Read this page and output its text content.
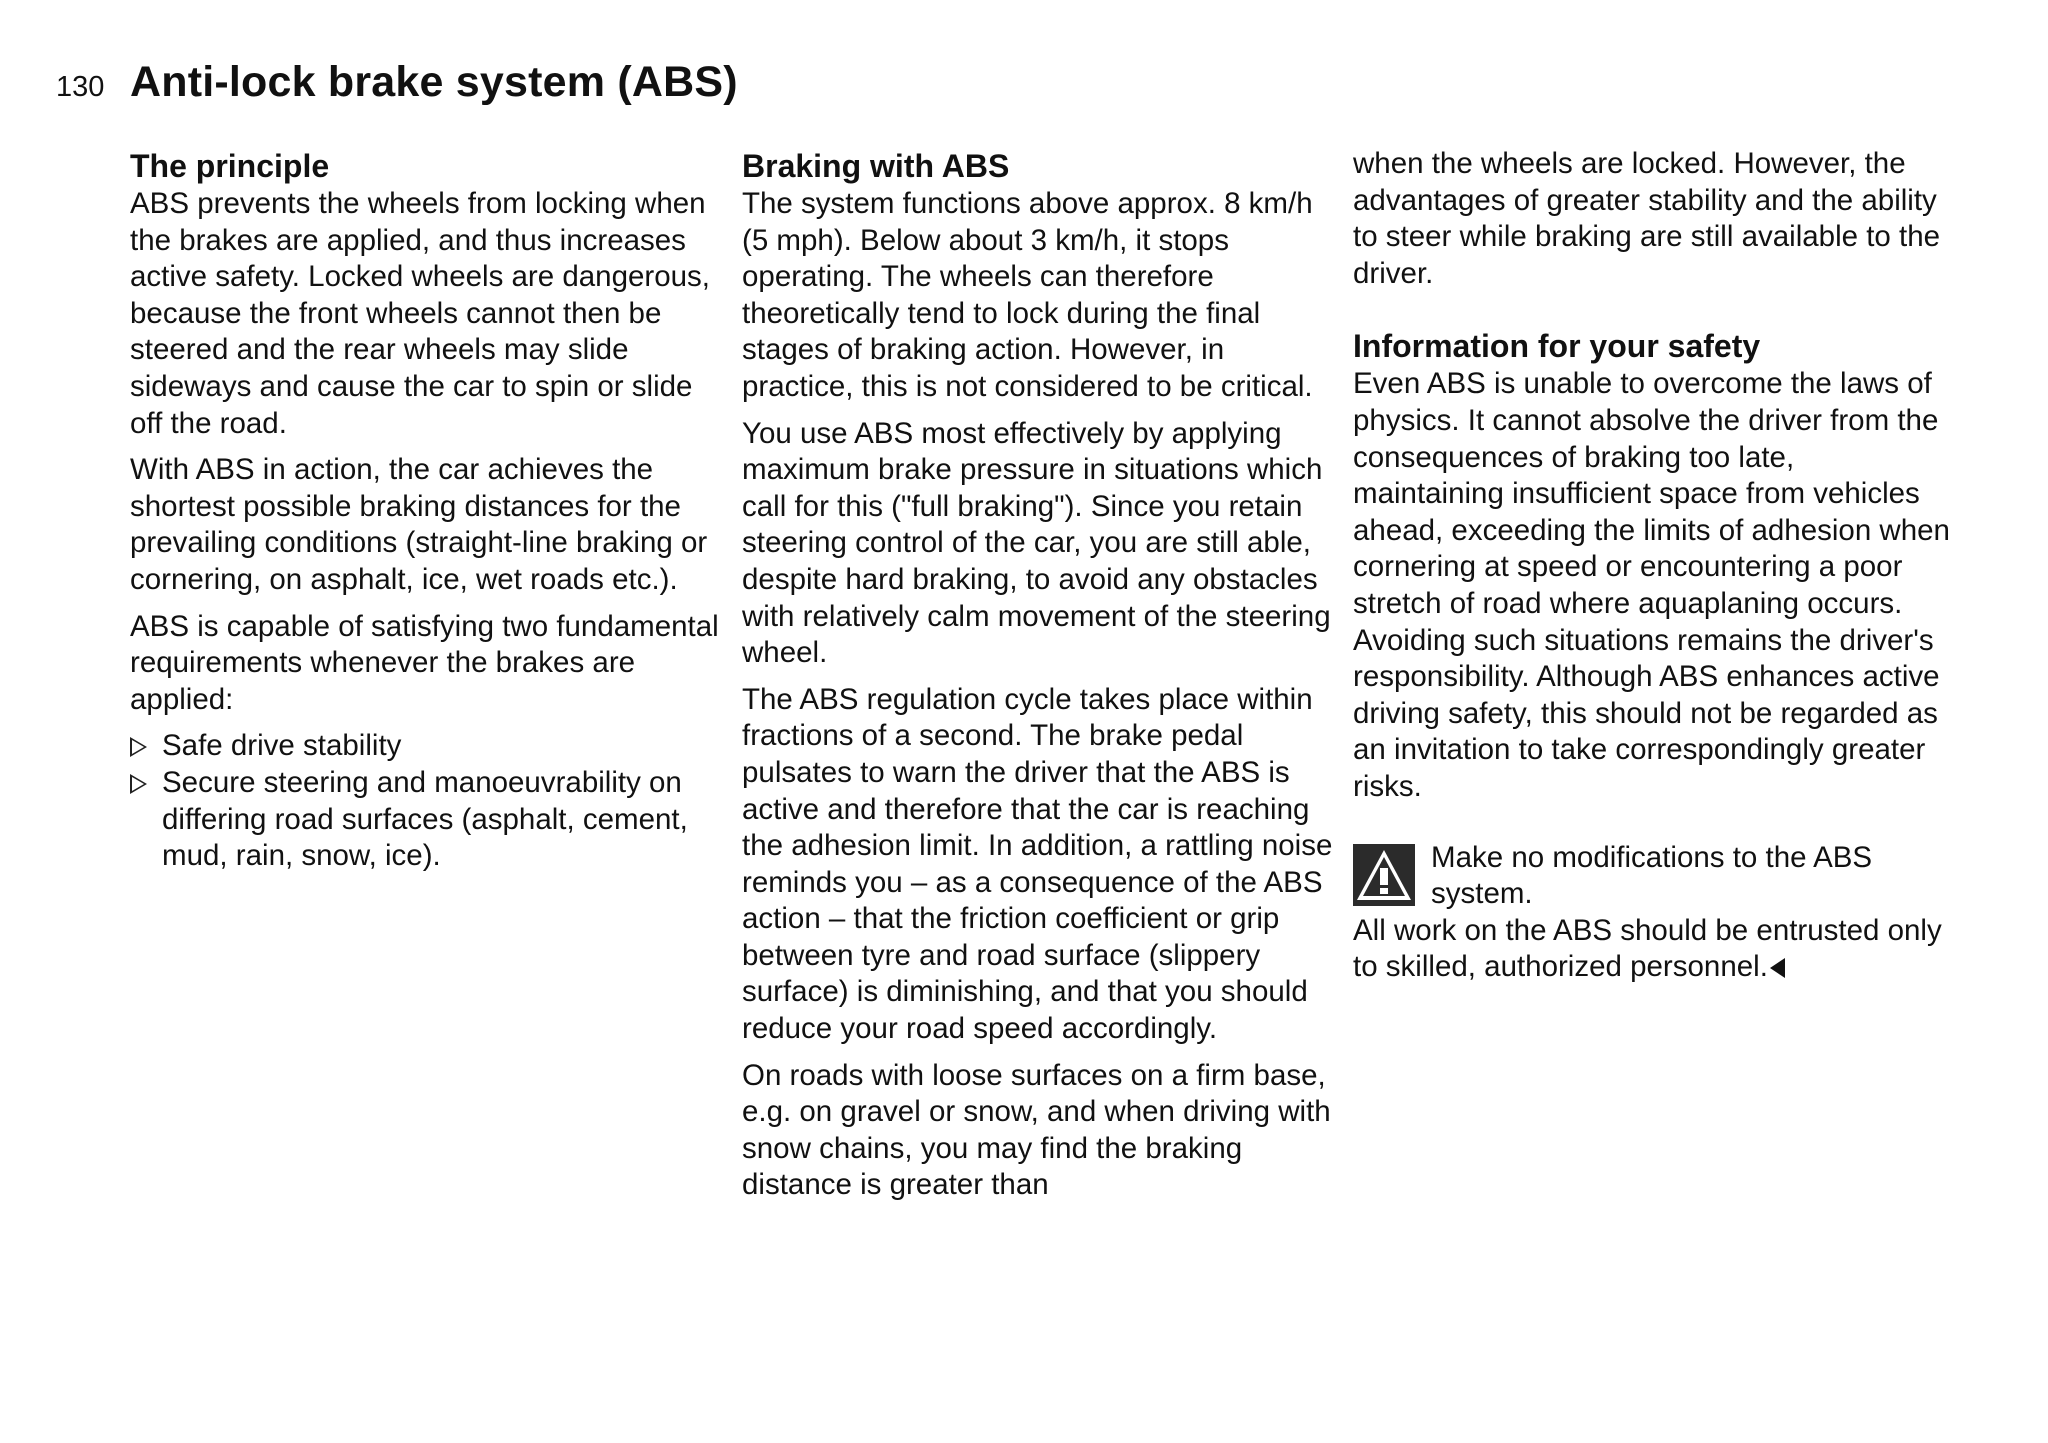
130 Anti-lock brake system (ABS)
The principle

ABS prevents the wheels from locking when the brakes are applied, and thus increases active safety. Locked wheels are dangerous, because the front wheels cannot then be steered and the rear wheels may slide sideways and cause the car to spin or slide off the road.

With ABS in action, the car achieves the shortest possible braking distances for the prevailing conditions (straight-line braking or cornering, on asphalt, ice, wet roads etc.).

ABS is capable of satisfying two fundamental requirements whenever the brakes are applied:

Safe drive stability
Secure steering and manoeuvrability on differing road surfaces (asphalt, cement, mud, rain, snow, ice).
Braking with ABS

The system functions above approx. 8 km/h (5 mph). Below about 3 km/h, it stops operating. The wheels can therefore theoretically tend to lock during the final stages of braking action. However, in practice, this is not considered to be critical.

You use ABS most effectively by applying maximum brake pressure in situations which call for this ("full braking"). Since you retain steering control of the car, you are still able, despite hard braking, to avoid any obstacles with relatively calm movement of the steering wheel.

The ABS regulation cycle takes place within fractions of a second. The brake pedal pulsates to warn the driver that the ABS is active and therefore that the car is reaching the adhesion limit. In addition, a rattling noise reminds you – as a consequence of the ABS action – that the friction coefficient or grip between tyre and road surface (slippery surface) is diminishing, and that you should reduce your road speed accordingly.

On roads with loose surfaces on a firm base, e.g. on gravel or snow, and when driving with snow chains, you may find the braking distance is greater than

when the wheels are locked. However, the advantages of greater stability and the ability to steer while braking are still available to the driver.

Information for your safety

Even ABS is unable to overcome the laws of physics. It cannot absolve the driver from the consequences of braking too late, maintaining insufficient space from vehicles ahead, exceeding the limits of adhesion when cornering at speed or encountering a poor stretch of road where aquaplaning occurs. Avoiding such situations remains the driver's responsibility. Although ABS enhances active driving safety, this should not be regarded as an invitation to take correspondingly greater risks.

Make no modifications to the ABS system.
All work on the ABS should be entrusted only to skilled, authorized personnel.
